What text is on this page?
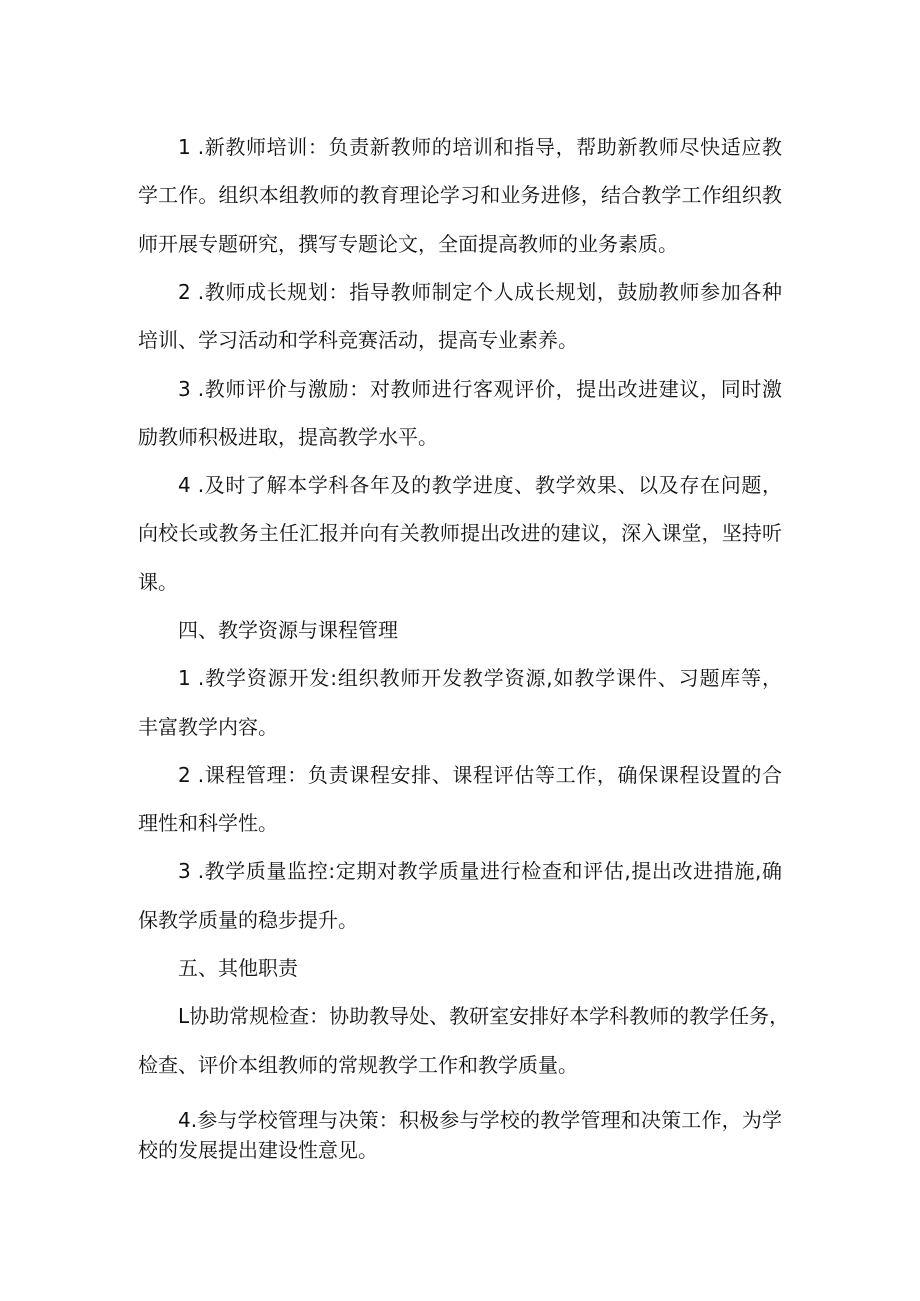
1 .新教师培训：负责新教师的培训和指导，帮助新教师尽快适应教
学工作。组织本组教师的教育理论学习和业务进修，结合教学工作组织教
师开展专题研究，撰写专题论文，全面提高教师的业务素质。
2 .教师成长规划：指导教师制定个人成长规划，鼓励教师参加各种
培训、学习活动和学科竞赛活动，提高专业素养。
3 .教师评价与激励：对教师进行客观评价，提出改进建议，同时激
励教师积极进取，提高教学水平。
4 .及时了解本学科各年及的教学进度、教学效果、以及存在问题，
向校长或教务主任汇报并向有关教师提出改进的建议，深入课堂，坚持听
课。
四、教学资源与课程管理
1 .教学资源开发:组织教师开发教学资源,如教学课件、习题库等，
丰富教学内容。
2 .课程管理：负责课程安排、课程评估等工作，确保课程设置的合
理性和科学性。
3 .教学质量监控:定期对教学质量进行检查和评估,提出改进措施,确
保教学质量的稳步提升。
五、其他职责
L协助常规检查：协助教导处、教研室安排好本学科教师的教学任务，
检查、评价本组教师的常规教学工作和教学质量。
4.参与学校管理与决策：积极参与学校的教学管理和决策工作，为学
校的发展提出建设性意见。
